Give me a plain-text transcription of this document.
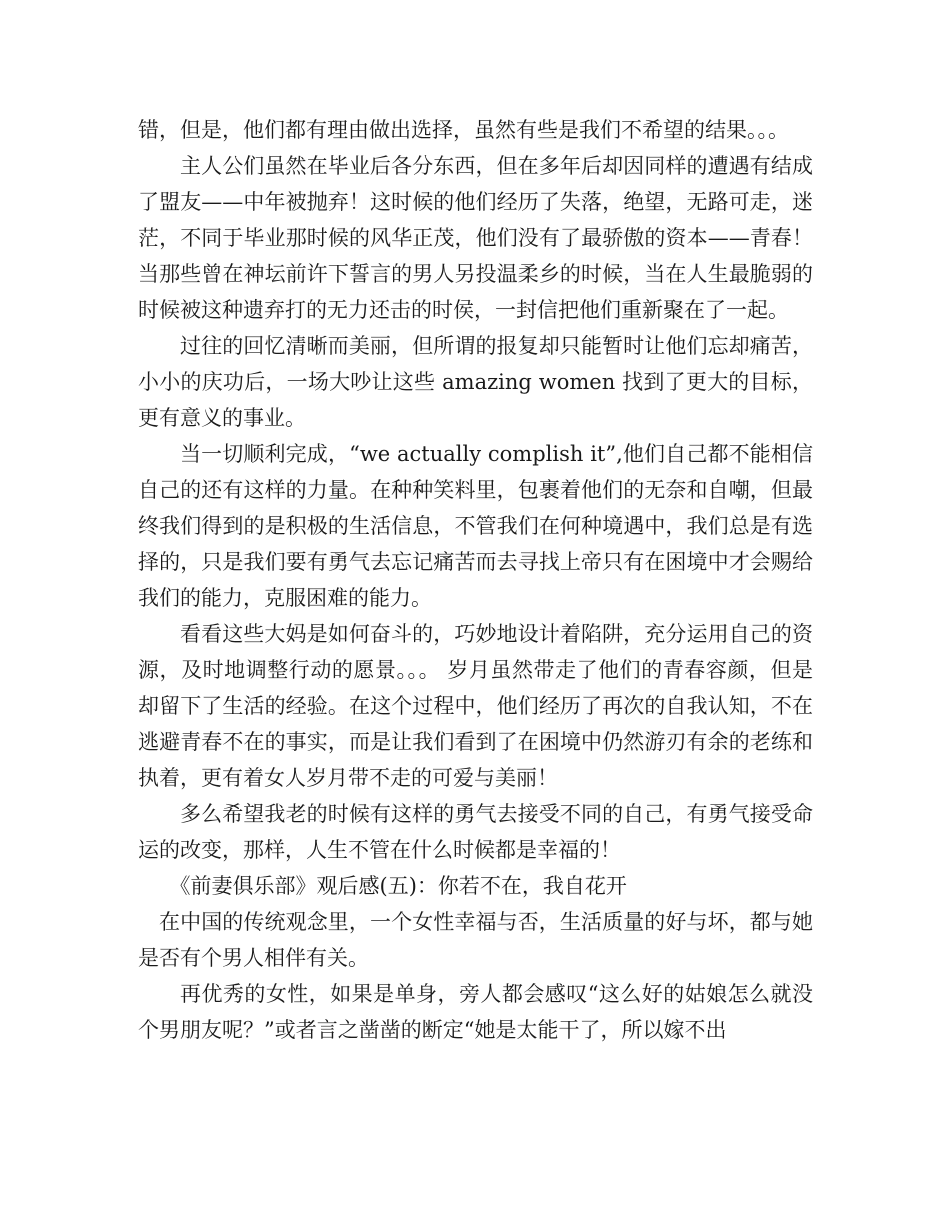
错，但是，他们都有理由做出选择，虽然有些是我们不希望的结果。。。

主人公们虽然在毕业后各分东西，但在多年后却因同样的遭遇有结成了盟友——中年被抛弃！这时候的他们经历了失落，绝望，无路可走，迷茫，不同于毕业那时候的风华正茂，他们没有了最骄傲的资本——青春！当那些曾在神坛前许下誓言的男人另投温柔乡的时候，当在人生最脆弱的时候被这种遗弃打的无力还击的时侯，一封信把他们重新聚在了一起。

过往的回忆清晰而美丽，但所谓的报复却只能暂时让他们忘却痛苦，小小的庆功后，一场大吵让这些 amazing women 找到了更大的目标，更有意义的事业。

当一切顺利完成，“we actually complish it”,他们自己都不能相信自己的还有这样的力量。在种种笑料里，包裹着他们的无奈和自嘲，但最终我们得到的是积极的生活信息，不管我们在何种境遇中，我们总是有选择的，只是我们要有勇气去忘记痛苦而去寻找上帝只有在困境中才会赐给我们的能力，克服困难的能力。

看看这些大妈是如何奋斗的，巧妙地设计着陷阱，充分运用自己的资源，及时地调整行动的愿景。。。 岁月虽然带走了他们的青春容颜，但是却留下了生活的经验。在这个过程中，他们经历了再次的自我认知，不在逃避青春不在的事实，而是让我们看到了在困境中仍然游刃有余的老练和执着，更有着女人岁月带不走的可爱与美丽！

多么希望我老的时候有这样的勇气去接受不同的自己，有勇气接受命运的改变，那样，人生不管在什么时候都是幸福的！

《前妻俱乐部》观后感(五)：你若不在，我自花开

在中国的传统观念里，一个女性幸福与否，生活质量的好与坏，都与她是否有个男人相伴有关。

再优秀的女性，如果是单身，旁人都会感叹“这么好的姑娘怎么就没个男朋友呢？”或者言之凿凿的断定“她是太能干了，所以嫁不出
